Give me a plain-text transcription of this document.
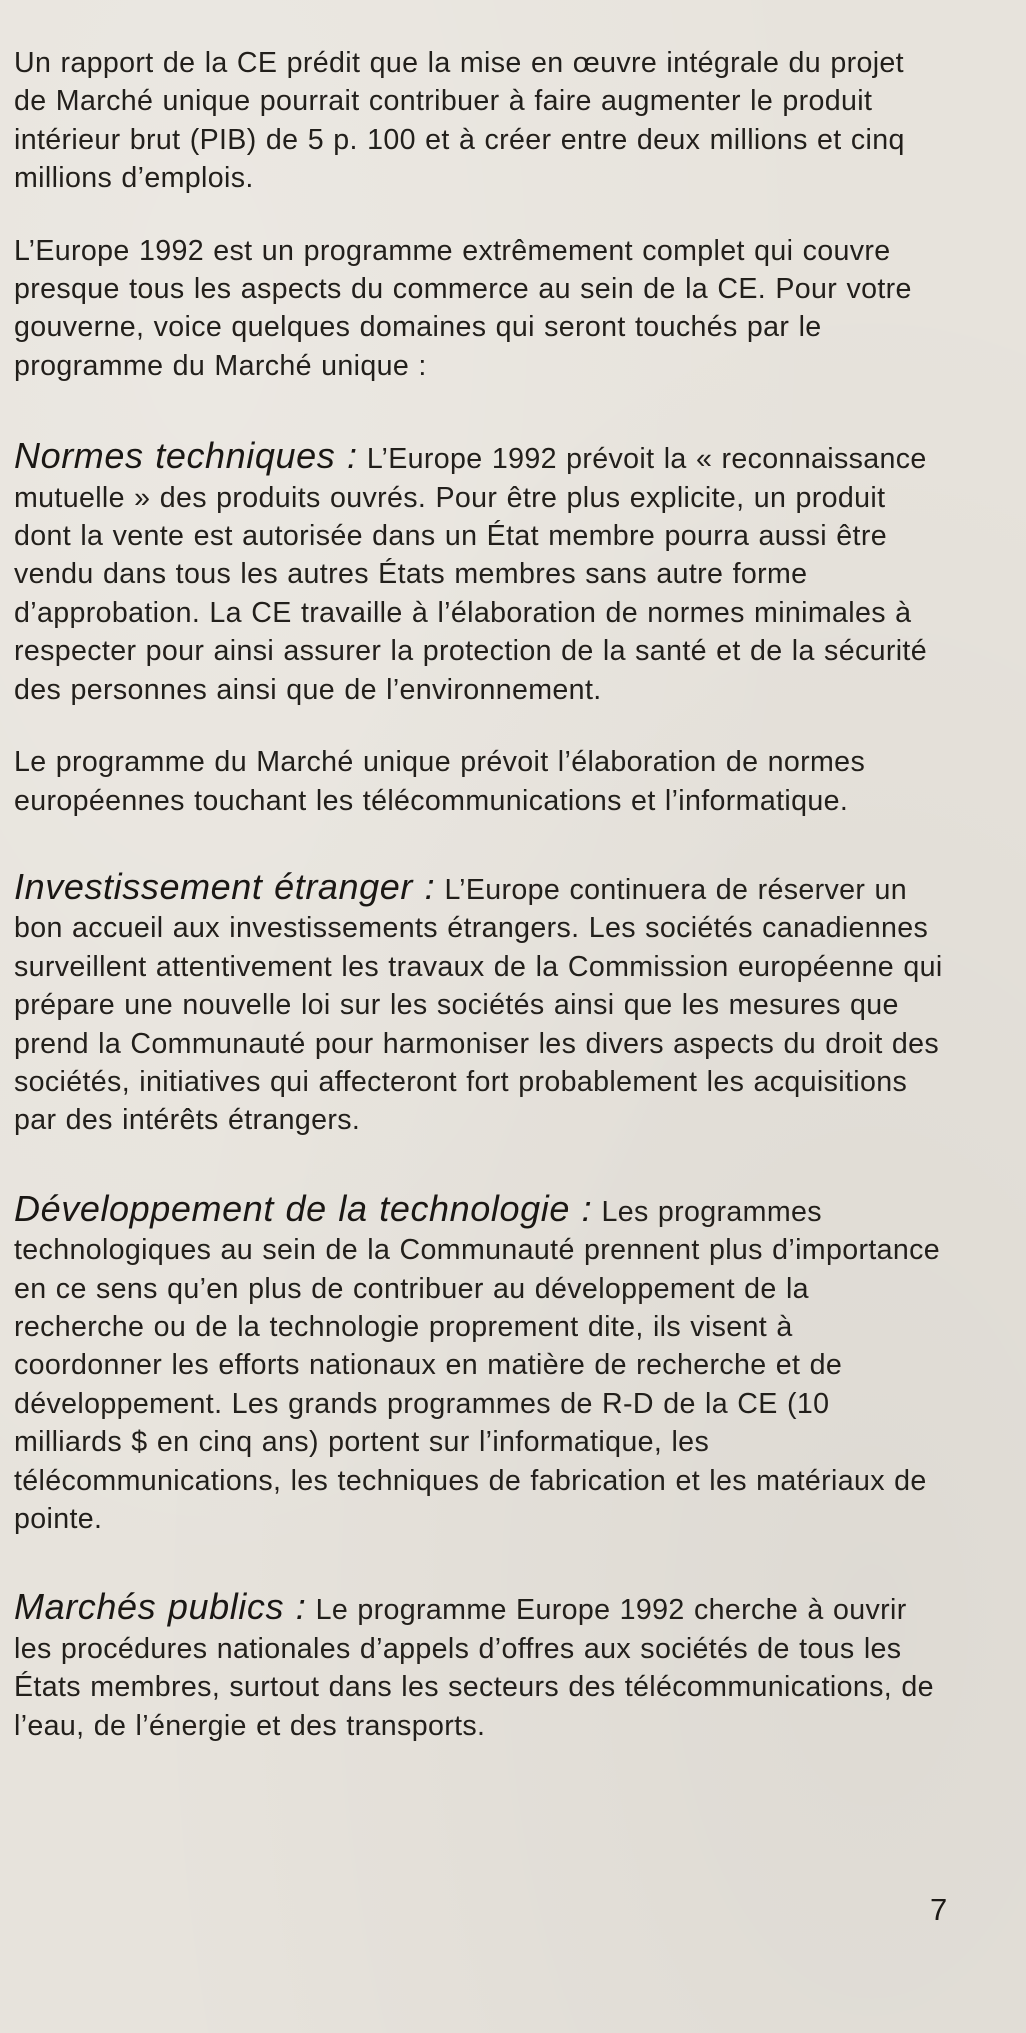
Un rapport de la CE prédit que la mise en œuvre intégrale du projet de Marché unique pourrait contribuer à faire augmenter le produit intérieur brut (PIB) de 5 p. 100 et à créer entre deux millions et cinq millions d’emplois.

L’Europe 1992 est un programme extrêmement complet qui couvre presque tous les aspects du commerce au sein de la CE. Pour votre gouverne, voice quelques domaines qui seront touchés par le programme du Marché unique :

Normes techniques : L’Europe 1992 prévoit la « reconnaissance mutuelle » des produits ouvrés. Pour être plus explicite, un produit dont la vente est autorisée dans un État membre pourra aussi être vendu dans tous les autres États membres sans autre forme d’approbation. La CE travaille à l’élaboration de normes minimales à respecter pour ainsi assurer la protection de la santé et de la sécurité des personnes ainsi que de l’environnement.

Le programme du Marché unique prévoit l’élaboration de normes européennes touchant les télécommunications et l’informatique.

Investissement étranger : L’Europe continuera de réserver un bon accueil aux investissements étrangers. Les sociétés canadiennes surveillent attentivement les travaux de la Commission européenne qui prépare une nouvelle loi sur les sociétés ainsi que les mesures que prend la Communauté pour harmoniser les divers aspects du droit des sociétés, initiatives qui affecteront fort probablement les acquisitions par des intérêts étrangers.

Développement de la technologie : Les programmes technologiques au sein de la Communauté prennent plus d’importance en ce sens qu’en plus de contribuer au développement de la recherche ou de la technologie proprement dite, ils visent à coordonner les efforts nationaux en matière de recherche et de développement. Les grands programmes de R-D de la CE (10 milliards $ en cinq ans) portent sur l’informatique, les télécommunications, les techniques de fabrication et les matériaux de pointe.

Marchés publics : Le programme Europe 1992 cherche à ouvrir les procédures nationales d’appels d’offres aux sociétés de tous les États membres, surtout dans les secteurs des télécommunications, de l’eau, de l’énergie et des transports.

7
